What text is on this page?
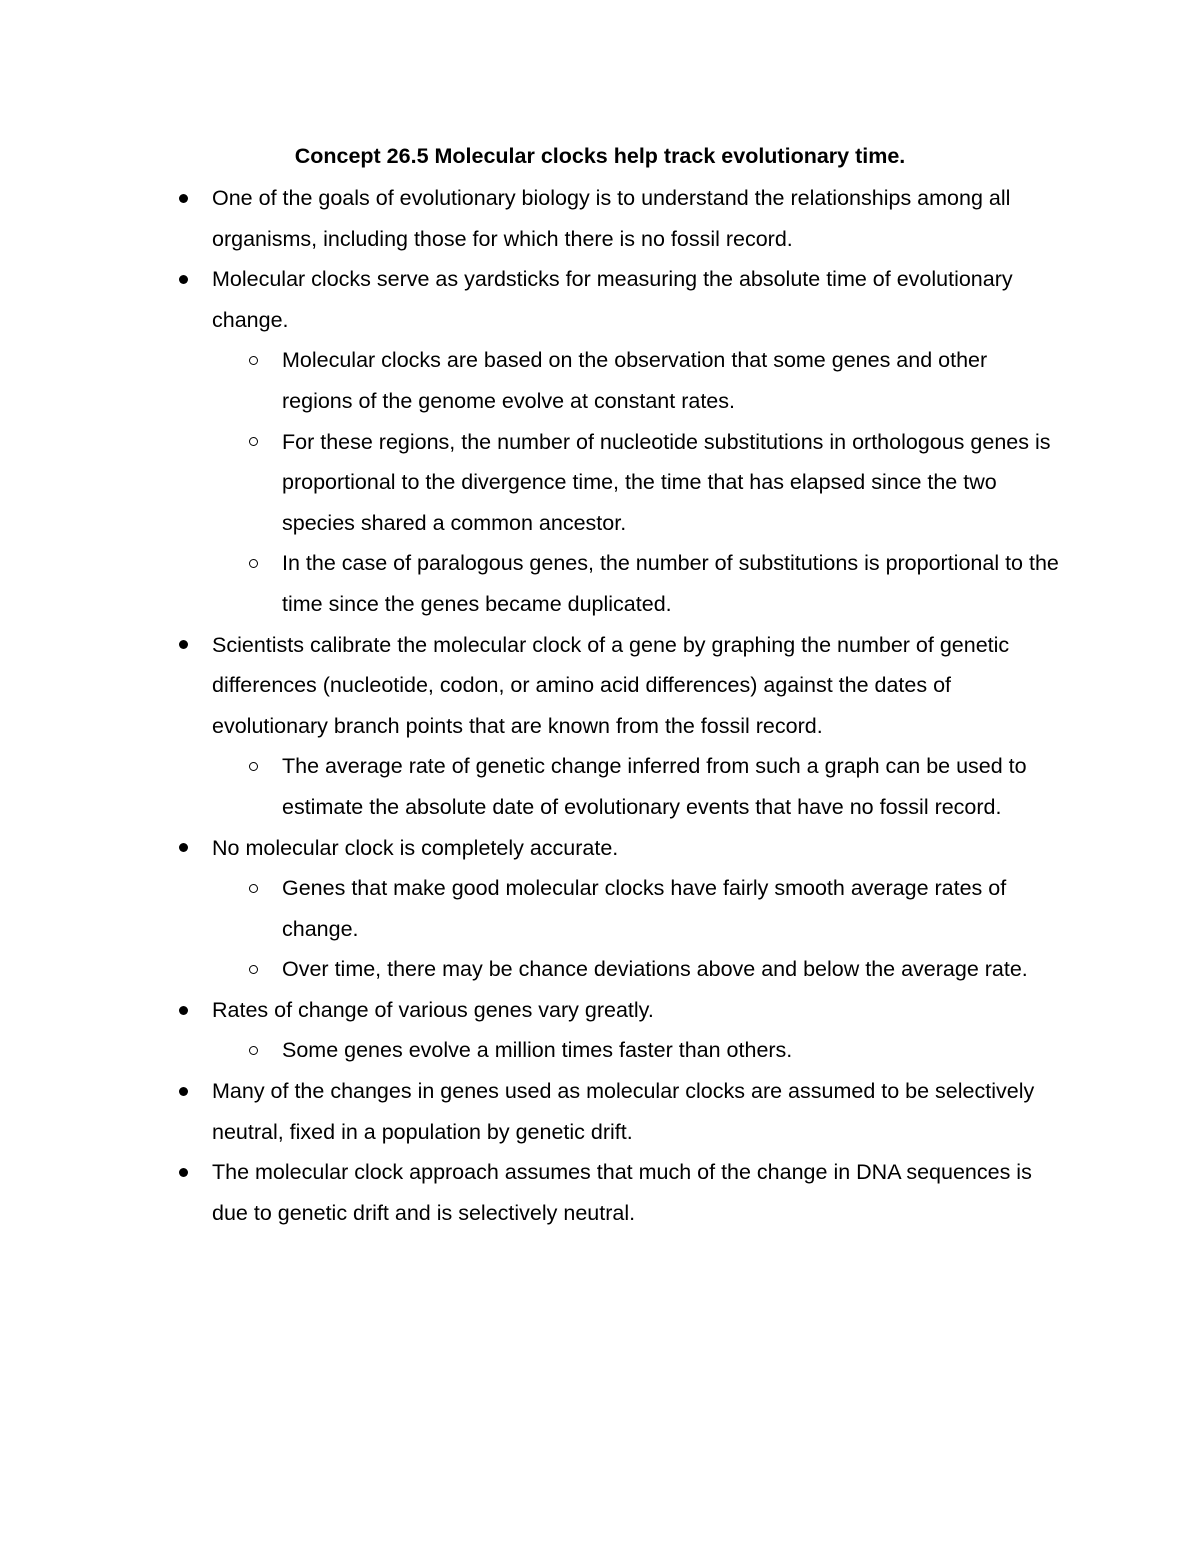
Concept 26.5 Molecular clocks help track evolutionary time.
One of the goals of evolutionary biology is to understand the relationships among all organisms, including those for which there is no fossil record.
Molecular clocks serve as yardsticks for measuring the absolute time of evolutionary change.
Molecular clocks are based on the observation that some genes and other regions of the genome evolve at constant rates.
For these regions, the number of nucleotide substitutions in orthologous genes is proportional to the divergence time, the time that has elapsed since the two species shared a common ancestor.
In the case of paralogous genes, the number of substitutions is proportional to the time since the genes became duplicated.
Scientists calibrate the molecular clock of a gene by graphing the number of genetic differences (nucleotide, codon, or amino acid differences) against the dates of evolutionary branch points that are known from the fossil record.
The average rate of genetic change inferred from such a graph can be used to estimate the absolute date of evolutionary events that have no fossil record.
No molecular clock is completely accurate.
Genes that make good molecular clocks have fairly smooth average rates of change.
Over time, there may be chance deviations above and below the average rate.
Rates of change of various genes vary greatly.
Some genes evolve a million times faster than others.
Many of the changes in genes used as molecular clocks are assumed to be selectively neutral, fixed in a population by genetic drift.
The molecular clock approach assumes that much of the change in DNA sequences is due to genetic drift and is selectively neutral.
